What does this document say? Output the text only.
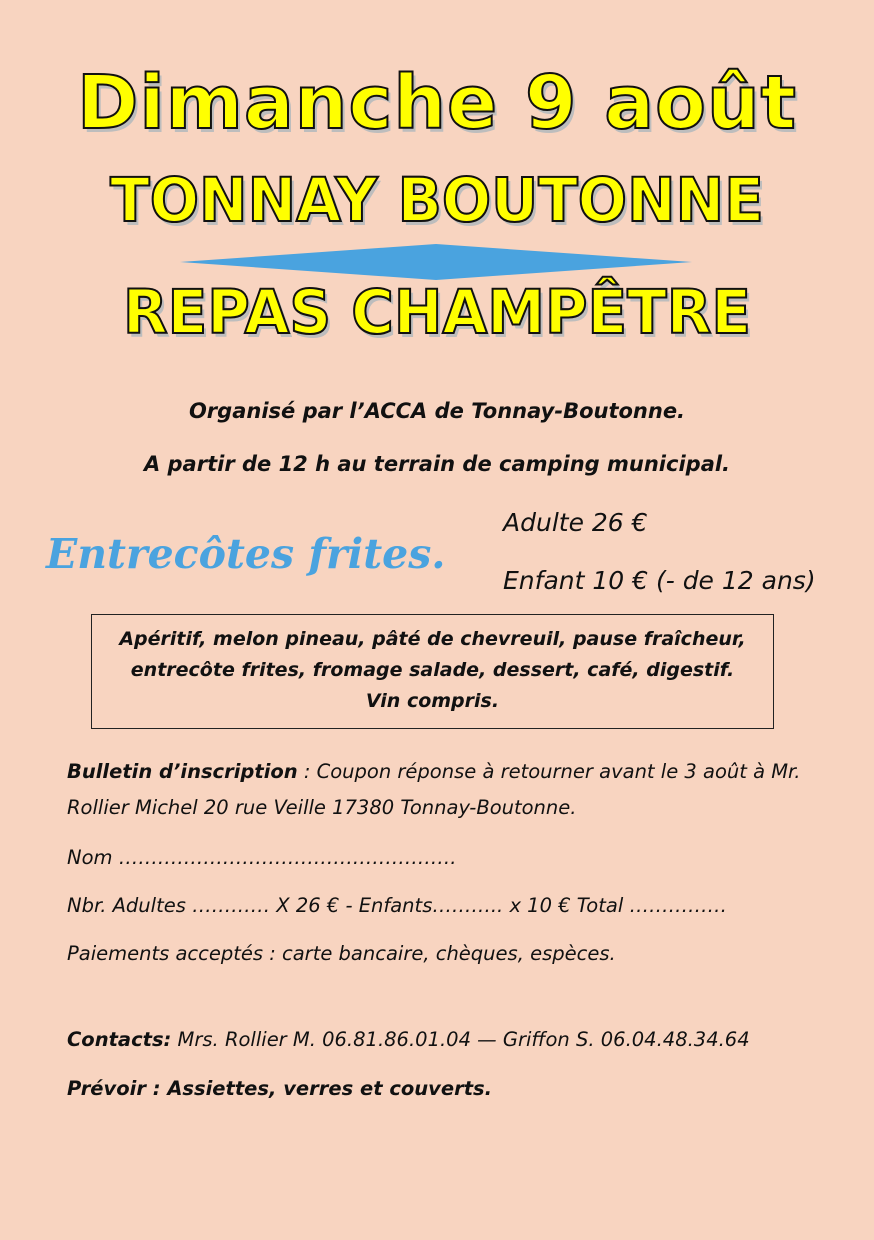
Dimanche 9 août
TONNAY BOUTONNE
REPAS CHAMPÊTRE
Organisé par l’ACCA de Tonnay-Boutonne.
A partir de 12 h au terrain de camping municipal.
Entrecôtes frites.
Adulte 26 €
Enfant 10 € (- de 12 ans)
Apéritif, melon pineau, pâté de chevreuil, pause fraîcheur,
entrecôte frites, fromage salade, dessert, café, digestif.
Vin compris.
Bulletin d’inscription : Coupon réponse à retourner avant le 3 août à Mr.
Rollier Michel 20 rue Veille 17380 Tonnay-Boutonne.
Nom …………………………………………….
Nbr. Adultes ………… X 26 € - Enfants……….. x 10 € Total ……………
Paiements acceptés : carte bancaire, chèques, espèces.
Contacts: Mrs. Rollier M. 06.81.86.01.04 — Griffon S. 06.04.48.34.64
Prévoir : Assiettes, verres et couverts.
